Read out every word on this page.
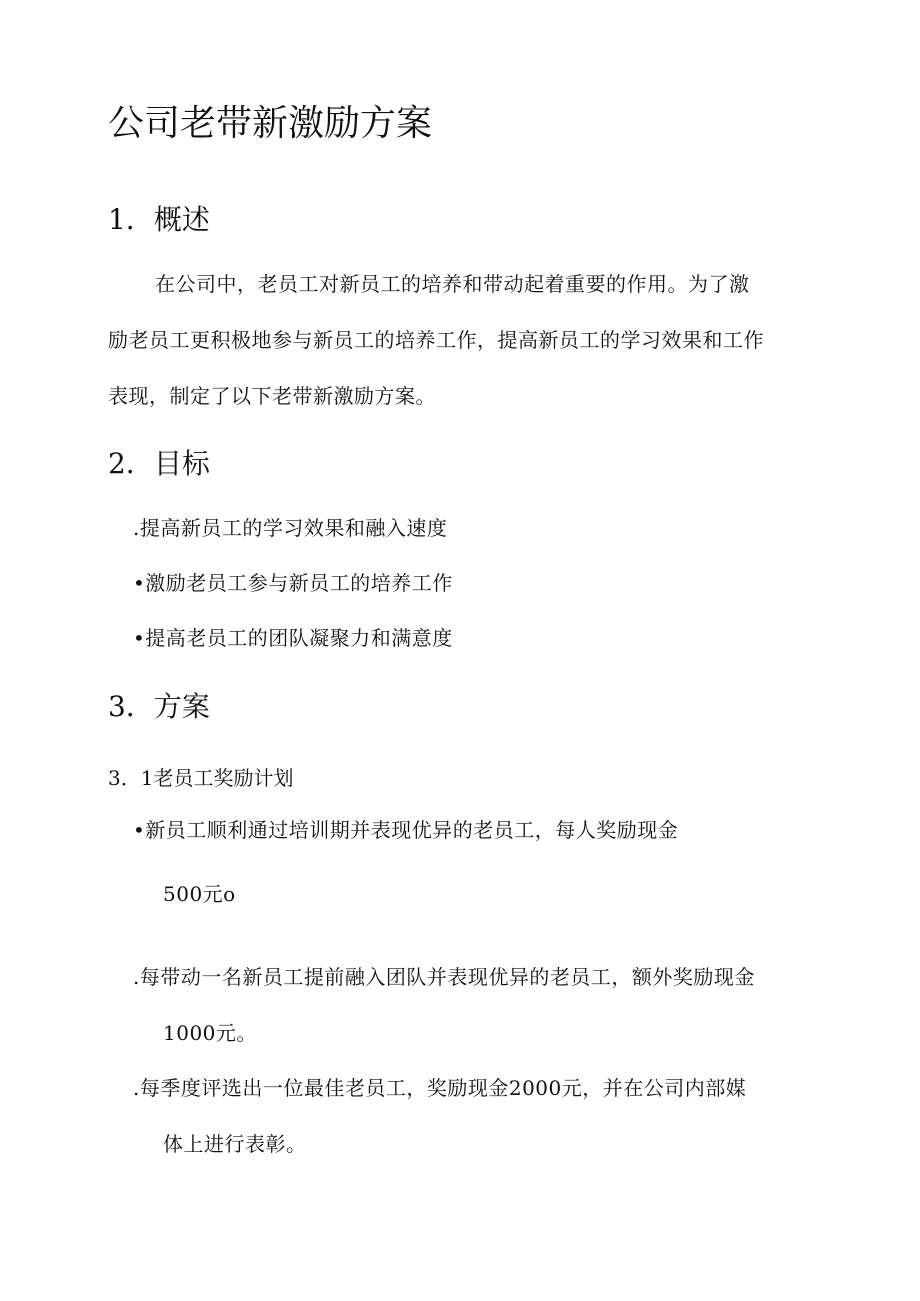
公司老带新激励方案
1．概述
在公司中，老员工对新员工的培养和带动起着重要的作用。为了激
励老员工更积极地参与新员工的培养工作，提高新员工的学习效果和工作
表现，制定了以下老带新激励方案。
2．目标
.提高新员工的学习效果和融入速度
•激励老员工参与新员工的培养工作
•提高老员工的团队凝聚力和满意度
3．方案
3．1老员工奖励计划
•新员工顺利通过培训期并表现优异的老员工，每人奖励现金
500元o
.每带动一名新员工提前融入团队并表现优异的老员工，额外奖励现金
1000元。
.每季度评选出一位最佳老员工，奖励现金2000元，并在公司内部媒
体上进行表彰。
